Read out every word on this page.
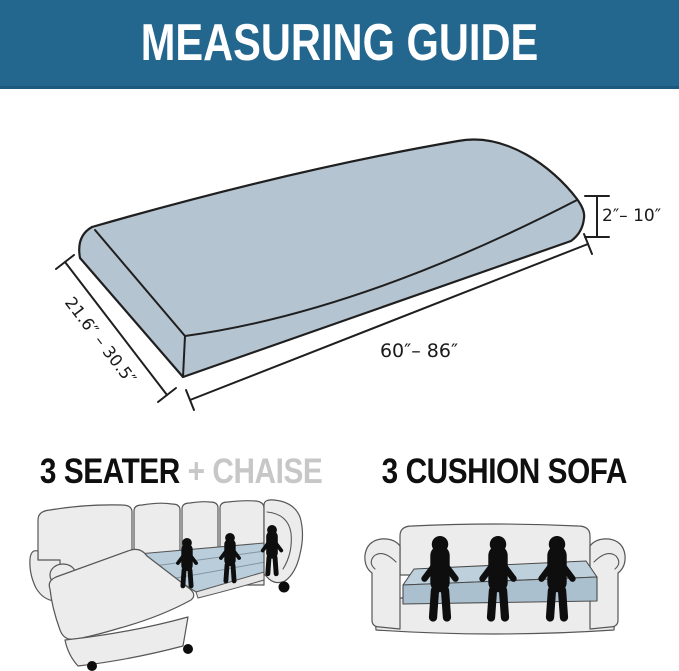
MEASURING GUIDE
21.6″ – 30.5″	60″– 86″
2″– 10″
3 SEATER + CHAISE	3 CUSHION SOFA
